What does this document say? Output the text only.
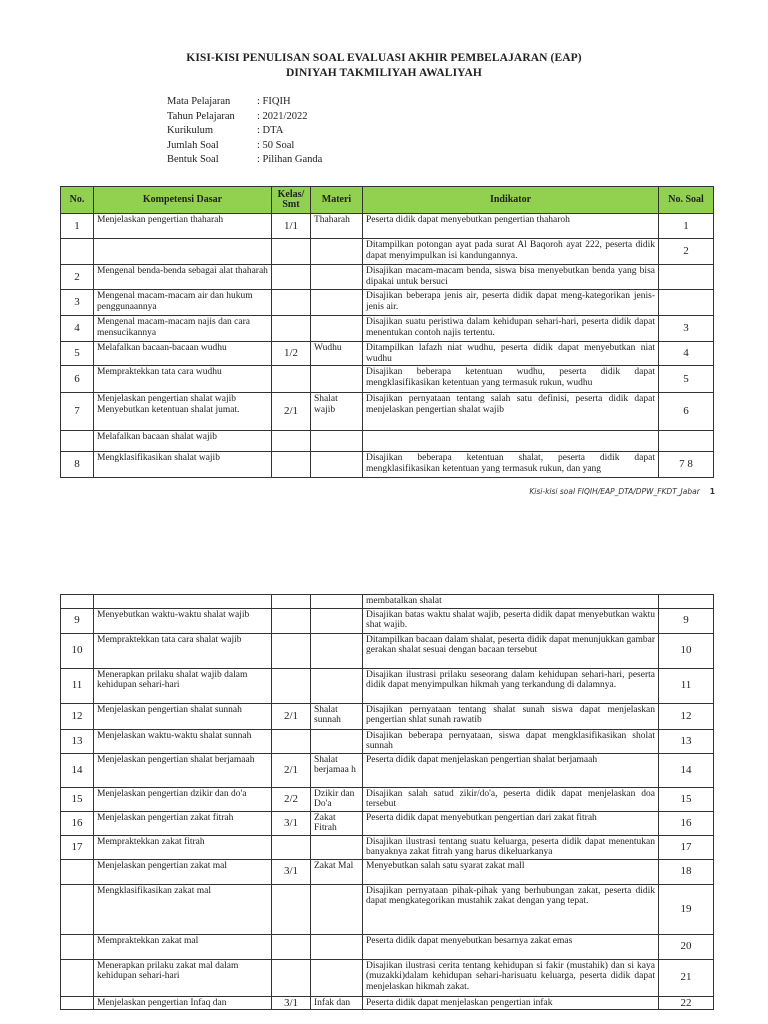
KISI-KISI PENULISAN SOAL EVALUASI AKHIR PEMBELAJARAN (EAP)
DINIYAH TAKMILIYAH AWALIYAH
Mata Pelajaran	: FIQIH
Tahun Pelajaran	: 2021/2022
Kurikulum	: DTA
Jumlah Soal	: 50 Soal
Bentuk Soal	: Pilihan Ganda
No.	Kompetensi Dasar	Kelas/ Smt	Materi	Indikator	No. Soal
1	Menjelaskan pengertian thaharah	1/1	Thaharah	Peserta didik dapat menyebutkan pengertian thaharoh	1
				Ditampilkan potongan ayat pada surat Al Baqoroh ayat 222, peserta didik dapat menyimpulkan isi kandungannya.	2
2	Mengenal benda-benda sebagai alat thaharah			Disajikan macam-macam benda, siswa bisa menyebutkan benda yang bisa dipakai untuk bersuci	
3	Mengenal macam-macam air dan hukum penggunaannya			Disajikan beberapa jenis air, peserta didik dapat meng-kategorikan jenis-jenis air.	
4	Mengenal macam-macam najis dan cara mensucikannya			Disajikan suatu peristiwa dalam kehidupan sehari-hari, peserta didik dapat menentukan contoh najis tertentu.	3
5	Melafalkan bacaan-bacaan wudhu	1/2	Wudhu	Ditampilkan lafazh niat wudhu, peserta didik dapat menyebutkan niat wudhu	4
6	Mempraktekkan tata cara wudhu			Disajikan beberapa ketentuan wudhu, peserta didik dapat mengklasifikasikan ketentuan yang termasuk rukun, wudhu	5
7	Menjelaskan pengertian shalat wajib Menyebutkan ketentuan shalat jumat.	2/1	Shalat wajib	Disajikan pernyataan tentang salah satu definisi, peserta didik dapat menjelaskan pengertian shalat wajib	6
	Melafalkan bacaan shalat wajib				
8	Mengklasifikasikan shalat wajib			Disajikan beberapa ketentuan shalat, peserta didik dapat mengklasifikasikan ketentuan yang termasuk rukun, dan yang	7 8
Kisi-kisi soal FIQIH/EAP_DTA/DPW_FKDT_Jabar 1
				membatalkan shalat	
9	Menyebutkan waktu-waktu shalat wajib			Disajikan batas waktu shalat wajib, peserta didik dapat menyebutkan waktu shat wajib.	9
10	Mempraktekkan tata cara shalat wajib			Ditampilkan bacaan dalam shalat, peserta didik dapat menunjukkan gambar gerakan shalat sesuai dengan bacaan tersebut	10
11	Menerapkan prilaku shalat wajib dalam kehidupan sehari-hari			Disajikan ilustrasi prilaku seseorang dalam kehidupan sehari-hari, peserta didik dapat menyimpulkan hikmah yang terkandung di dalamnya.	11
12	Menjelaskan pengertian shalat sunnah	2/1	Shalat sunnah	Disajikan pernyataan tentang shalat sunah siswa dapat menjelaskan pengertian shlat sunah rawatib	12
13	Menjelaskan waktu-waktu shalat sunnah			Disajikan beberapa pernyataan, siswa dapat mengklasifikasikan sholat sunnah	13
14	Menjelaskan pengertian shalat berjamaah	2/1	Shalat berjamaa h	Peserta didik dapat menjelaskan pengertian shalat berjamaah	14
15	Menjelaskan pengertian dzikir dan do'a	2/2	Dzikir dan Do'a	Disajikan salah satud zikir/do'a, peserta didik dapat menjelaskan doa tersebut	15
16	Menjelaskan pengertian zakat fitrah	3/1	Zakat Fitrah	Peserta didik dapat menyebutkan pengertian dari zakat fitrah	16
17	Mempraktekkan zakat fitrah			Disajikan ilustrasi tentang suatu keluarga, peserta didik dapat menentukan banyaknya zakat fitrah yang harus dikeluarkanya	17
	Menjelaskan pengertian zakat mal	3/1	Zakat Mal	Menyebutkan salah satu syarat zakat mall	18
	Mengklasifikasikan zakat mal			Disajikan pernyataan pihak-pihak yang berhubungan zakat, peserta didik dapat mengkategorikan mustahik zakat dengan yang tepat.	19
	Mempraktekkan zakat mal			Peserta didik dapat menyebutkan besarnya zakat emas	20
	Menerapkan prilaku zakat mal dalam kehidupan sehari-hari			Disajikan ilustrasi cerita tentang kehidupan si fakir (mustahik) dan si kaya (muzakki)dalam kehidupan sehari-harisuatu keluarga, peserta didik dapat menjelaskan hikmah zakat.	21
	Menjelaskan pengertian Infaq dan	3/1	Infak dan	Peserta didik dapat menjelaskan pengertian infak	22
